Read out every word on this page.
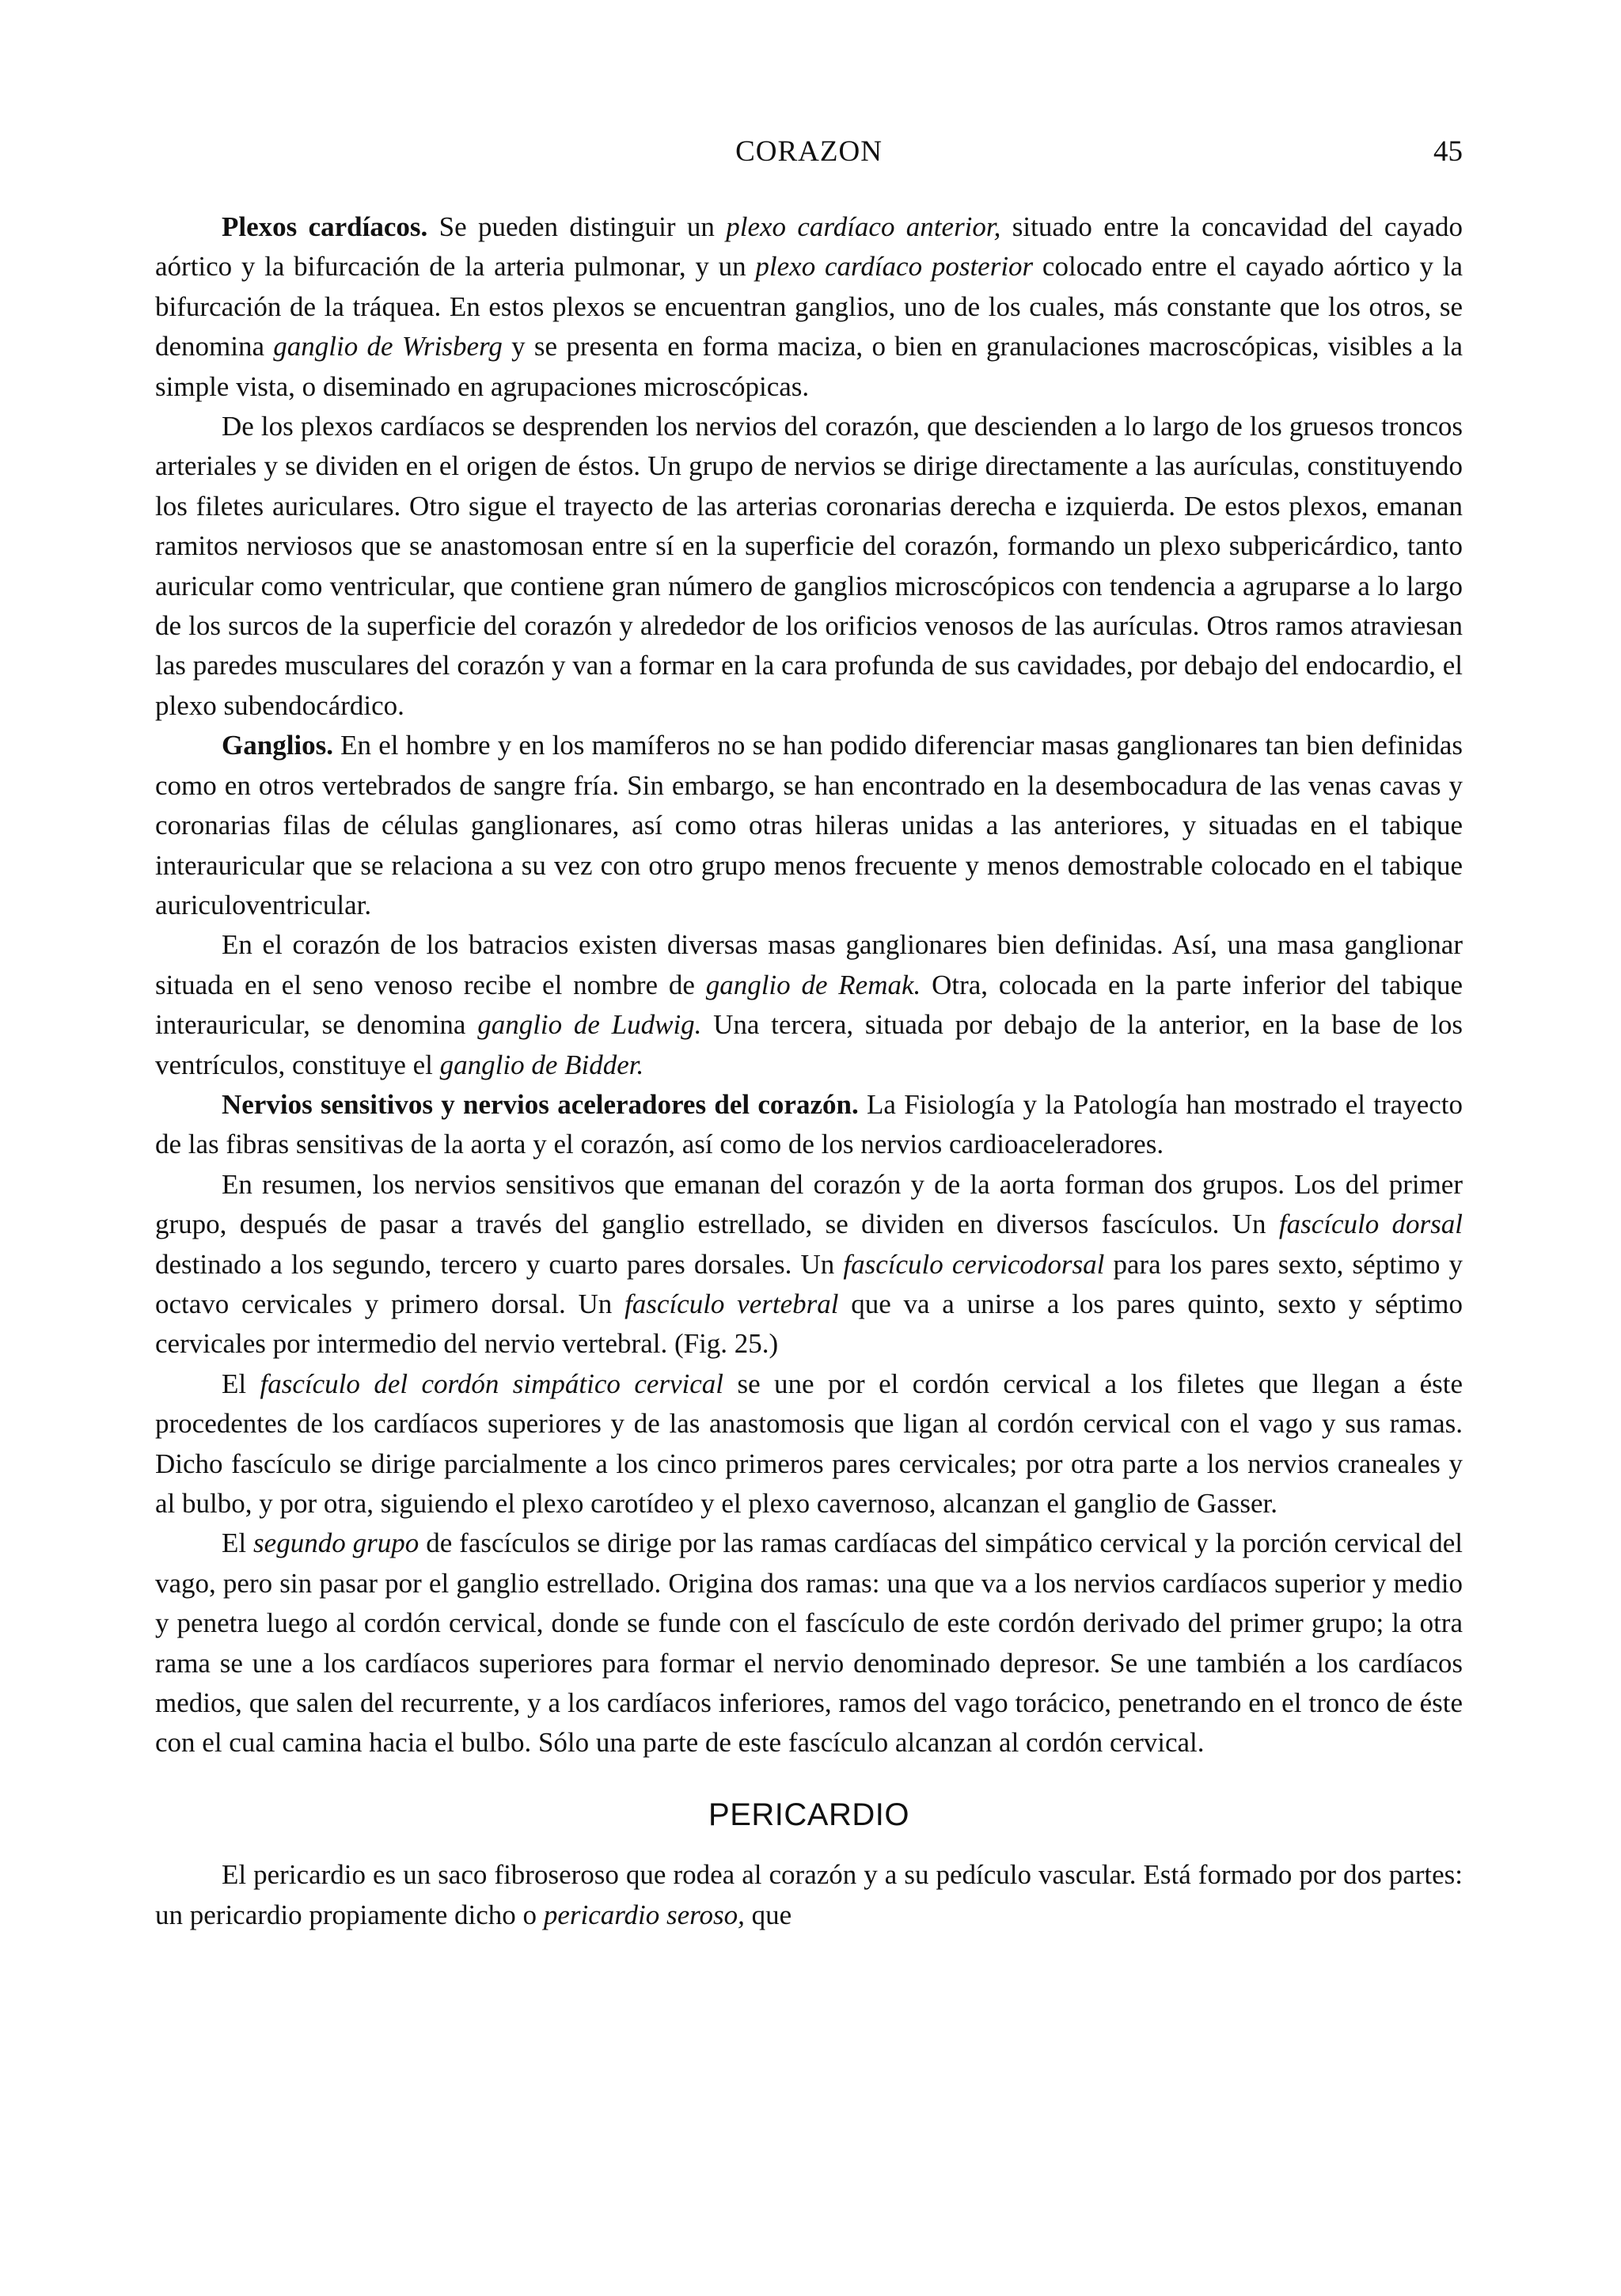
CORAZON	45

Plexos cardíacos. Se pueden distinguir un plexo cardíaco anterior, situado entre la concavidad del cayado aórtico y la bifurcación de la arteria pulmonar, y un plexo cardíaco posterior colocado entre el cayado aórtico y la bifurcación de la tráquea. En estos plexos se encuentran ganglios, uno de los cuales, más constante que los otros, se denomina ganglio de Wrisberg y se presenta en forma maciza, o bien en granulaciones macroscópicas, visibles a la simple vista, o diseminado en agrupaciones microscópicas.

De los plexos cardíacos se desprenden los nervios del corazón, que descienden a lo largo de los gruesos troncos arteriales y se dividen en el origen de éstos. Un grupo de nervios se dirige directamente a las aurículas, constituyendo los filetes auriculares. Otro sigue el trayecto de las arterias coronarias derecha e izquierda. De estos plexos, emanan ramitos nerviosos que se anastomosan entre sí en la superficie del corazón, formando un plexo subpericárdico, tanto auricular como ventricular, que contiene gran número de ganglios microscópicos con tendencia a agruparse a lo largo de los surcos de la superficie del corazón y alrededor de los orificios venosos de las aurículas. Otros ramos atraviesan las paredes musculares del corazón y van a formar en la cara profunda de sus cavidades, por debajo del endocardio, el plexo subendocárdico.

Ganglios. En el hombre y en los mamíferos no se han podido diferenciar masas ganglionares tan bien definidas como en otros vertebrados de sangre fría. Sin embargo, se han encontrado en la desembocadura de las venas cavas y coronarias filas de células ganglionares, así como otras hileras unidas a las anteriores, y situadas en el tabique interauricular que se relaciona a su vez con otro grupo menos frecuente y menos demostrable colocado en el tabique auriculoventricular.

En el corazón de los batracios existen diversas masas ganglionares bien definidas. Así, una masa ganglionar situada en el seno venoso recibe el nombre de ganglio de Remak. Otra, colocada en la parte inferior del tabique interauricular, se denomina ganglio de Ludwig. Una tercera, situada por debajo de la anterior, en la base de los ventrículos, constituye el ganglio de Bidder.

Nervios sensitivos y nervios aceleradores del corazón. La Fisiología y la Patología han mostrado el trayecto de las fibras sensitivas de la aorta y el corazón, así como de los nervios cardioaceleradores.

En resumen, los nervios sensitivos que emanan del corazón y de la aorta forman dos grupos. Los del primer grupo, después de pasar a través del ganglio estrellado, se dividen en diversos fascículos. Un fascículo dorsal destinado a los segundo, tercero y cuarto pares dorsales. Un fascículo cervicodorsal para los pares sexto, séptimo y octavo cervicales y primero dorsal. Un fascículo vertebral que va a unirse a los pares quinto, sexto y séptimo cervicales por intermedio del nervio vertebral. (Fig. 25.)

El fascículo del cordón simpático cervical se une por el cordón cervical a los filetes que llegan a éste procedentes de los cardíacos superiores y de las anastomosis que ligan al cordón cervical con el vago y sus ramas. Dicho fascículo se dirige parcialmente a los cinco primeros pares cervicales; por otra parte a los nervios craneales y al bulbo, y por otra, siguiendo el plexo carotídeo y el plexo cavernoso, alcanzan el ganglio de Gasser.

El segundo grupo de fascículos se dirige por las ramas cardíacas del simpático cervical y la porción cervical del vago, pero sin pasar por el ganglio estrellado. Origina dos ramas: una que va a los nervios cardíacos superior y medio y penetra luego al cordón cervical, donde se funde con el fascículo de este cordón derivado del primer grupo; la otra rama se une a los cardíacos superiores para formar el nervio denominado depresor. Se une también a los cardíacos medios, que salen del recurrente, y a los cardíacos inferiores, ramos del vago torácico, penetrando en el tronco de éste con el cual camina hacia el bulbo. Sólo una parte de este fascículo alcanzan al cordón cervical.

PERICARDIO

El pericardio es un saco fibroseroso que rodea al corazón y a su pedículo vascular. Está formado por dos partes: un pericardio propiamente dicho o pericardio seroso, que
